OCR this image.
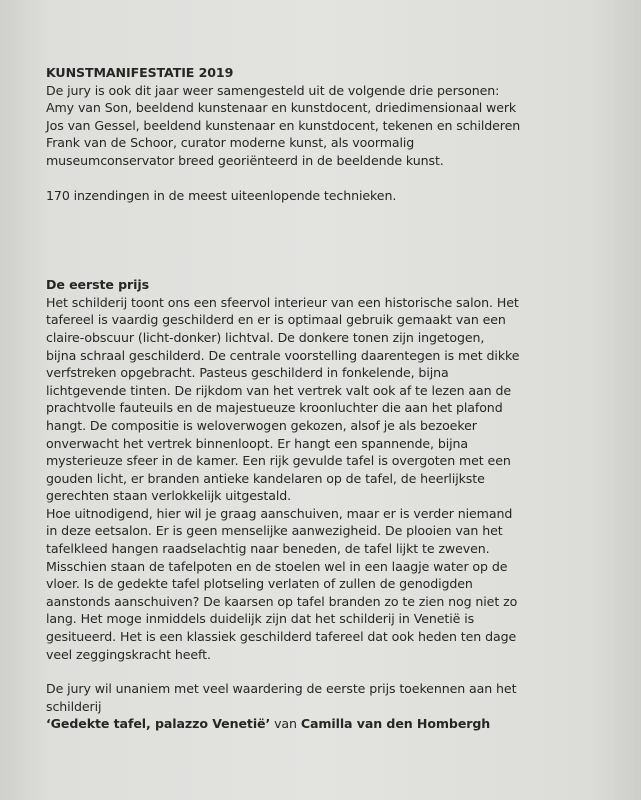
KUNSTMANIFESTATIE 2019
De jury is ook dit jaar weer samengesteld uit de volgende drie personen:
Amy van Son, beeldend kunstenaar en kunstdocent, driedimensionaal werk
Jos van Gessel, beeldend kunstenaar en kunstdocent, tekenen en schilderen
Frank van de Schoor, curator moderne kunst, als voormalig
museumconservator breed georiënteerd in de beeldende kunst.
170 inzendingen in de meest uiteenlopende technieken.
De eerste prijs
Het schilderij toont ons een sfeervol interieur van een historische salon. Het
tafereel is vaardig geschilderd en er is optimaal gebruik gemaakt van een
claire-obscuur (licht-donker) lichtval. De donkere tonen zijn ingetogen,
bijna schraal geschilderd. De centrale voorstelling daarentegen is met dikke
verfstreken opgebracht. Pasteus geschilderd in fonkelende, bijna
lichtgevende tinten. De rijkdom van het vertrek valt ook af te lezen aan de
prachtvolle fauteuils en de majestueuze kroonluchter die aan het plafond
hangt. De compositie is weloverwogen gekozen, alsof je als bezoeker
onverwacht het vertrek binnenloopt. Er hangt een spannende, bijna
mysterieuze sfeer in de kamer. Een rijk gevulde tafel is overgoten met een
gouden licht, er branden antieke kandelaren op de tafel, de heerlijkste
gerechten staan verlokkelijk uitgestald.
Hoe uitnodigend, hier wil je graag aanschuiven, maar er is verder niemand
in deze eetsalon. Er is geen menselijke aanwezigheid. De plooien van het
tafelkleed hangen raadselachtig naar beneden, de tafel lijkt te zweven.
Misschien staan de tafelpoten en de stoelen wel in een laagje water op de
vloer. Is de gedekte tafel plotseling verlaten of zullen de genodigden
aanstonds aanschuiven? De kaarsen op tafel branden zo te zien nog niet zo
lang. Het moge inmiddels duidelijk zijn dat het schilderij in Venetië is
gesitueerd. Het is een klassiek geschilderd tafereel dat ook heden ten dage
veel zeggingskracht heeft.
De jury wil unaniem met veel waardering de eerste prijs toekennen aan het
schilderij
‘Gedekte tafel, palazzo Venetië’ van Camilla van den Hombergh
